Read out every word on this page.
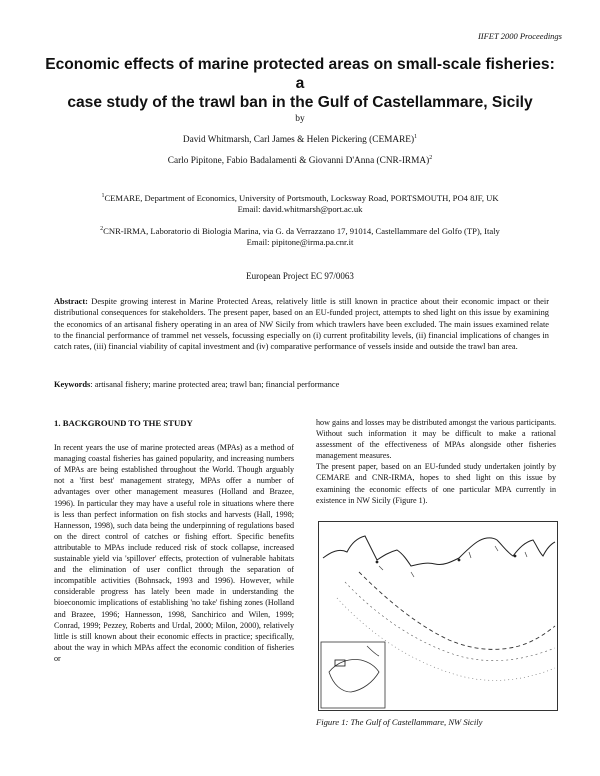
IIFET 2000 Proceedings
Economic effects of marine protected areas on small-scale fisheries: a
case study of the trawl ban in the Gulf of Castellammare, Sicily
by
David Whitmarsh, Carl James & Helen Pickering (CEMARE)$^1$
Carlo Pipitone, Fabio Badalamenti & Giovanni D'Anna (CNR-IRMA)$^2$
$^1$CEMARE, Department of Economics, University of Portsmouth, Locksway Road, PORTSMOUTH, PO4 8JF, UK
Email: david.whitmarsh@port.ac.uk
$^2$CNR-IRMA, Laboratorio di Biologia Marina, via G. da Verrazzano 17, 91014, Castellammare del Golfo (TP), Italy
Email: pipitone@irma.pa.cnr.it
European Project EC 97/0063

Abstract: Despite growing interest in Marine Protected Areas, relatively little is still known in practice about their economic impact or their distributional consequences for stakeholders. The present paper, based on an EU-funded project, attempts to shed light on this issue by examining the economics of an artisanal fishery operating in an area of NW Sicily from which trawlers have been excluded. The main issues examined relate to the financial performance of trammel net vessels, focussing especially on (i) current profitability levels, (ii) financial implications of changes in catch rates, (iii) financial viability of capital investment and (iv) comparative performance of vessels inside and outside the trawl ban area.

Keywords: artisanal fishery; marine protected area; trawl ban; financial performance

1. BACKGROUND TO THE STUDY

In recent years the use of marine protected areas (MPAs) as a method of managing coastal fisheries has gained popularity, and increasing numbers of MPAs are being established throughout the World. Though arguably not a 'first best' management strategy, MPAs offer a number of advantages over other management measures (Holland and Brazee, 1996). In particular they may have a useful role in situations where there is less than perfect information on fish stocks and harvests (Hall, 1998; Hannesson, 1998), such data being the underpinning of regulations based on the direct control of catches or fishing effort. Specific benefits attributable to MPAs include reduced risk of stock collapse, increased sustainable yield via 'spillover' effects, protection of vulnerable habitats and the elimination of user conflict through the separation of incompatible activities (Bohnsack, 1993 and 1996). However, while considerable progress has lately been made in understanding the bioeconomic implications of establishing 'no take' fishing zones (Holland and Brazee, 1996; Hannesson, 1998, Sanchirico and Wilen, 1999; Conrad, 1999; Pezzey, Roberts and Urdal, 2000; Milon, 2000), relatively little is still known about their economic effects in practice; specifically, about the way in which MPAs affect the economic condition of fisheries or

how gains and losses may be distributed amongst the various participants. Without such information it may be difficult to make a rational assessment of the effectiveness of MPAs alongside other fisheries management measures.

The present paper, based on an EU-funded study undertaken jointly by CEMARE and CNR-IRMA, hopes to shed light on this issue by examining the economic effects of one particular MPA currently in existence in NW Sicily (Figure 1).

Figure 1: The Gulf of Castellammare, NW Sicily
